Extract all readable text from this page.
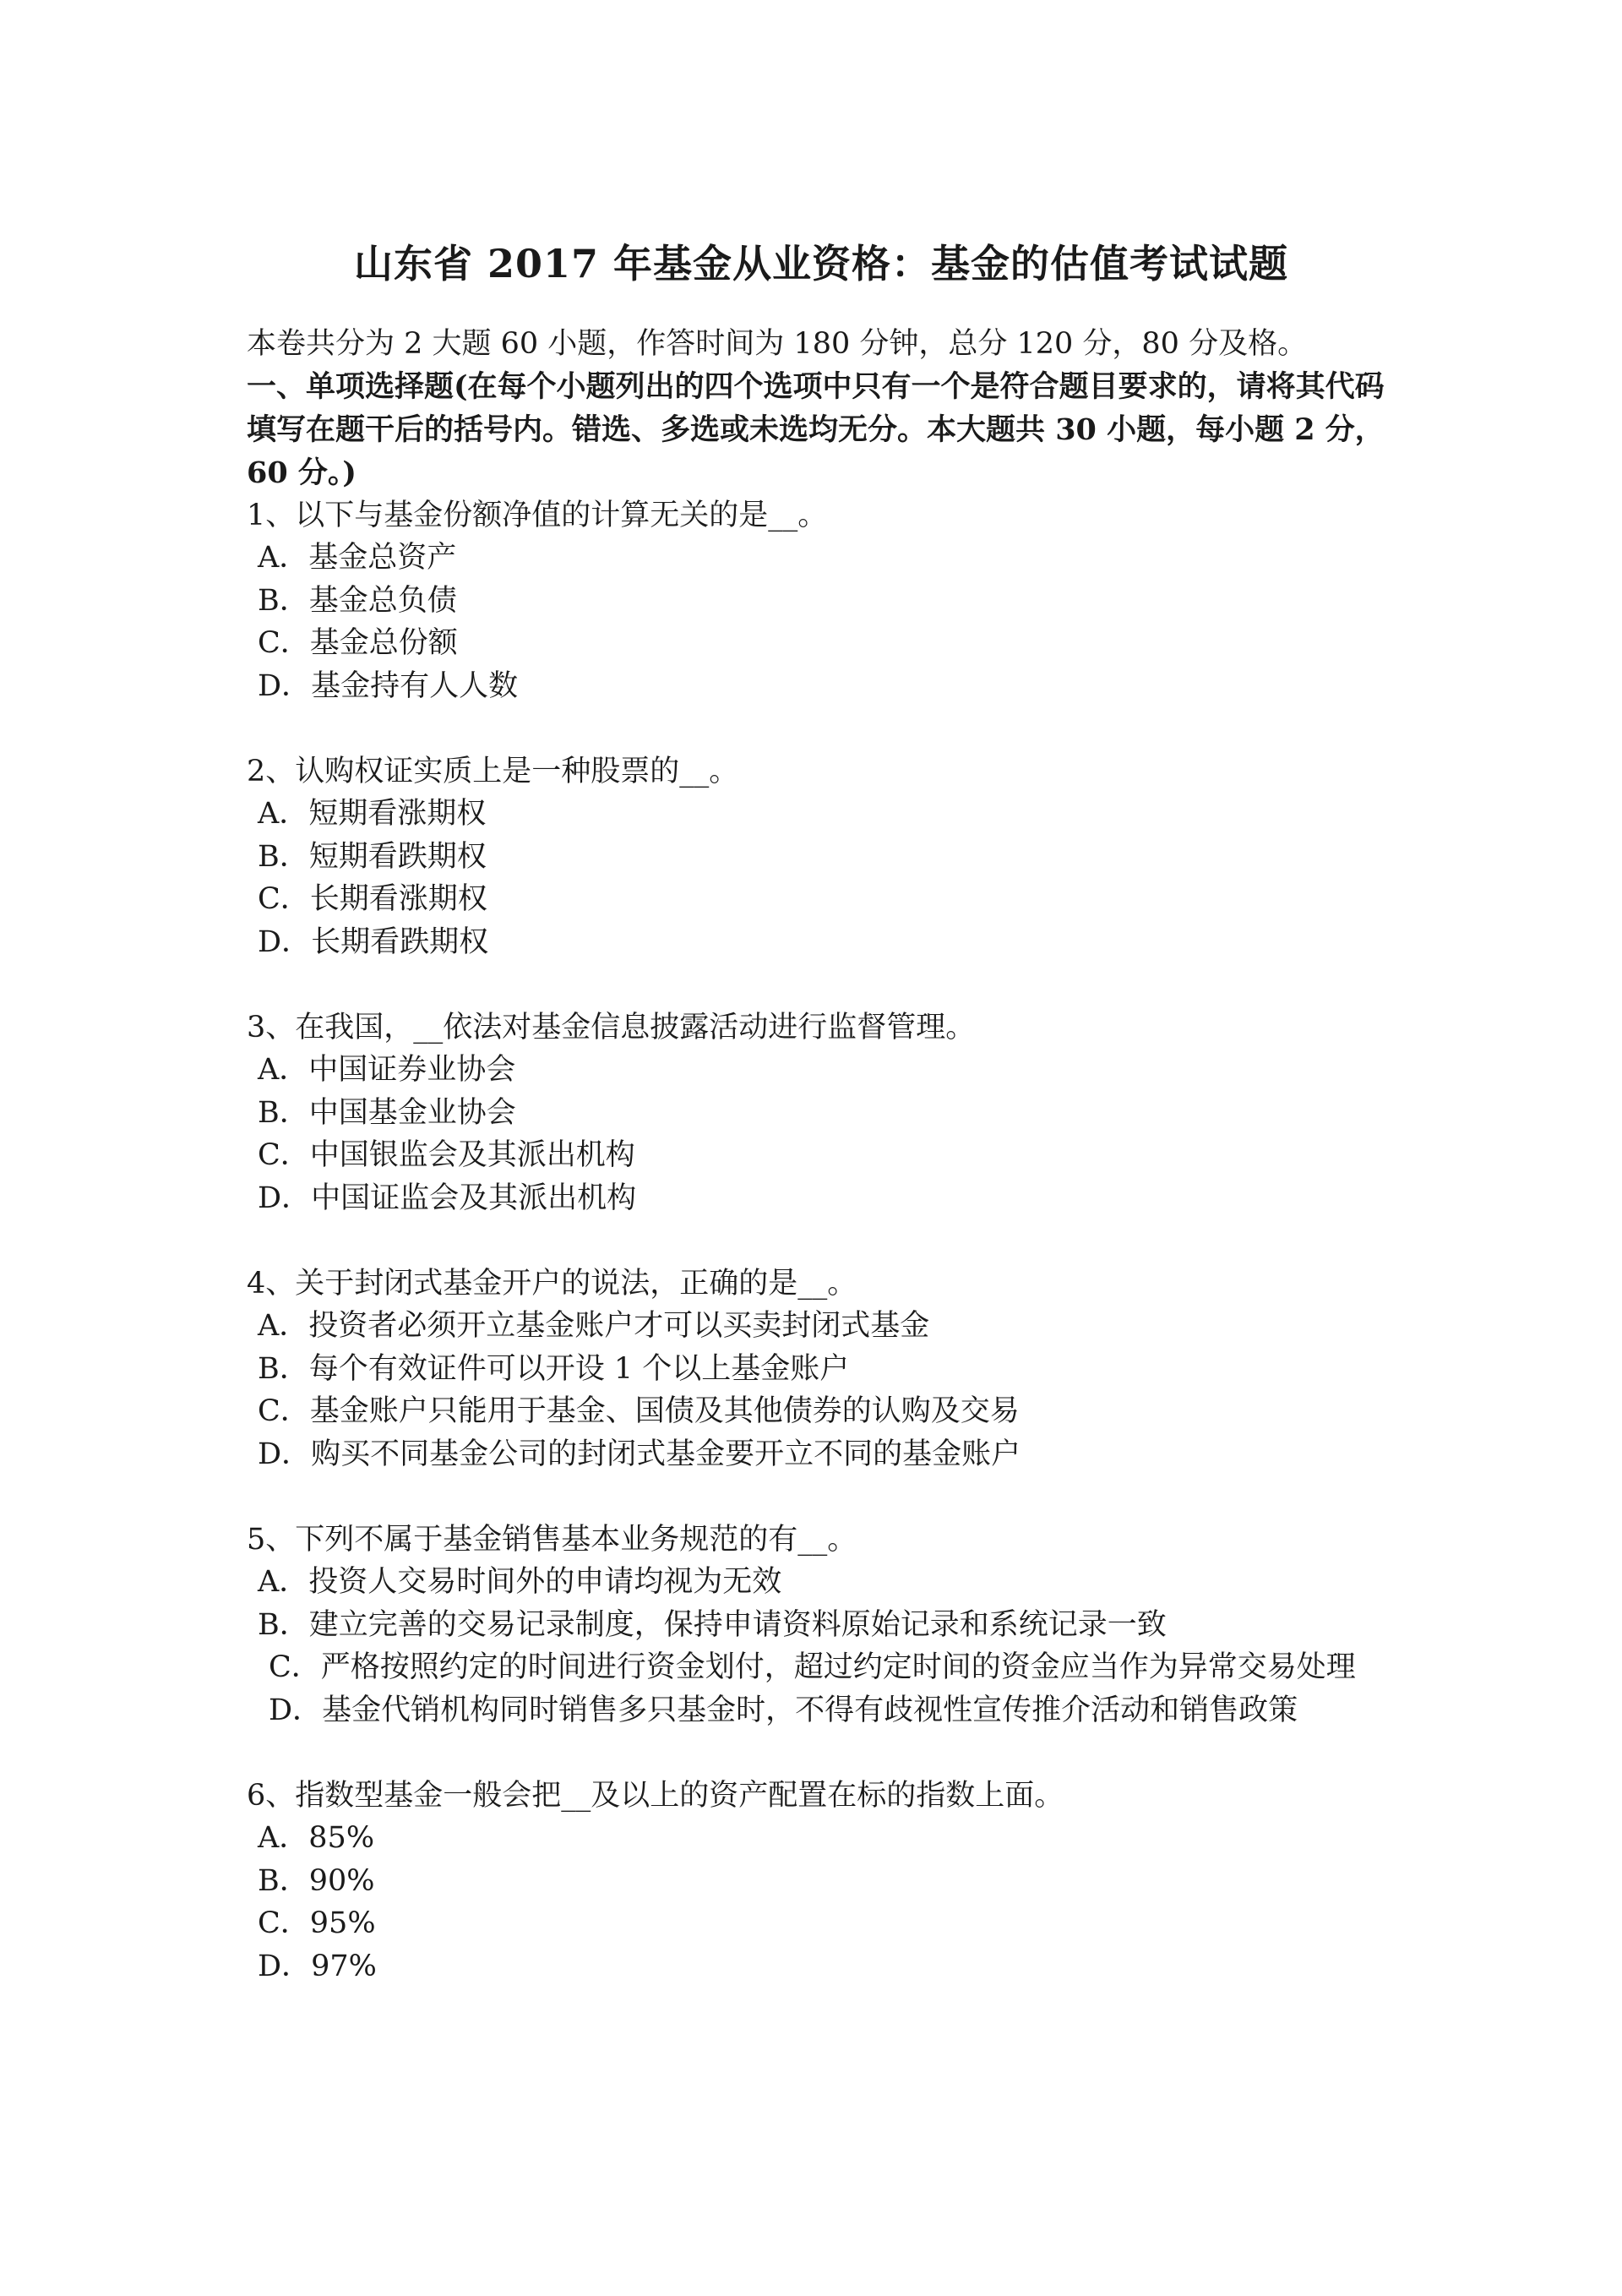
山东省 2017 年基金从业资格：基金的估值考试试题

本卷共分为 2 大题 60 小题，作答时间为 180 分钟，总分 120 分，80 分及格。

一、单项选择题(在每个小题列出的四个选项中只有一个是符合题目要求的，请将其代码填写在题干后的括号内。错选、多选或未选均无分。本大题共 30 小题，每小题 2 分，60 分。)

1、以下与基金份额净值的计算无关的是__。

A．基金总资产

B．基金总负债

C．基金总份额

D．基金持有人人数

2、认购权证实质上是一种股票的__。

A．短期看涨期权

B．短期看跌期权

C．长期看涨期权

D．长期看跌期权

3、在我国，__依法对基金信息披露活动进行监督管理。

A．中国证券业协会

B．中国基金业协会

C．中国银监会及其派出机构

D．中国证监会及其派出机构

4、关于封闭式基金开户的说法，正确的是__。

A．投资者必须开立基金账户才可以买卖封闭式基金

B．每个有效证件可以开设 1 个以上基金账户

C．基金账户只能用于基金、国债及其他债券的认购及交易

D．购买不同基金公司的封闭式基金要开立不同的基金账户

5、下列不属于基金销售基本业务规范的有__。

A．投资人交易时间外的申请均视为无效

B．建立完善的交易记录制度，保持申请资料原始记录和系统记录一致

C．严格按照约定的时间进行资金划付，超过约定时间的资金应当作为异常交易处理

D．基金代销机构同时销售多只基金时，不得有歧视性宣传推介活动和销售政策

6、指数型基金一般会把__及以上的资产配置在标的指数上面。

A．85%

B．90%

C．95%

D．97%
